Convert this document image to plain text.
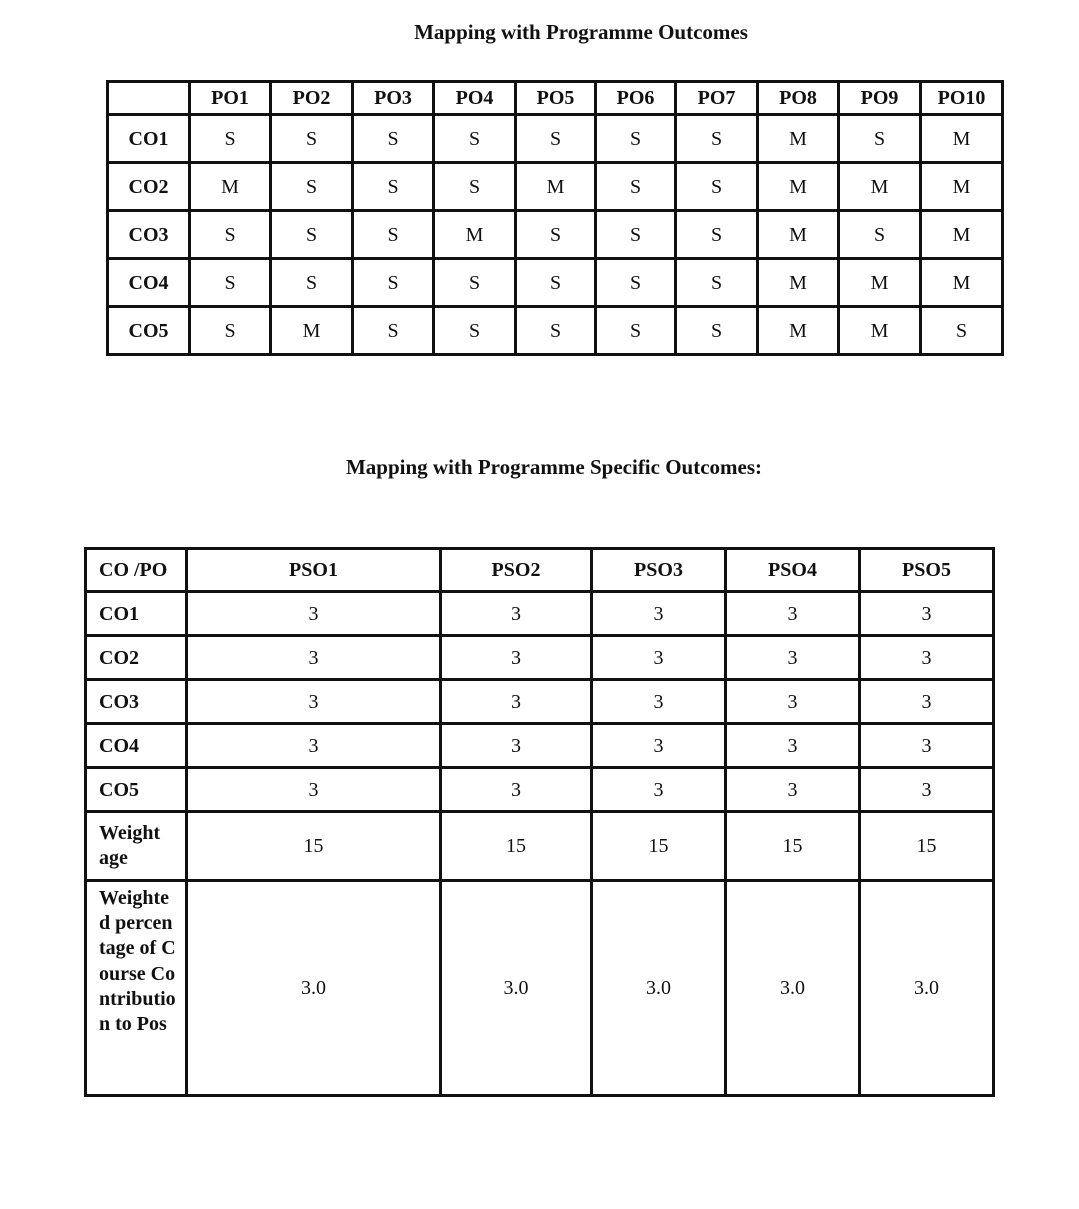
Mapping with Programme Outcomes
	PO1	PO2	PO3	PO4	PO5	PO6	PO7	PO8	PO9	PO10
CO1	S	S	S	S	S	S	S	M	S	M
CO2	M	S	S	S	M	S	S	M	M	M
CO3	S	S	S	M	S	S	S	M	S	M
CO4	S	S	S	S	S	S	S	M	M	M
CO5	S	M	S	S	S	S	S	M	M	S
Mapping with Programme Specific Outcomes:
CO /PO	PSO1	PSO2	PSO3	PSO4	PSO5
CO1	3	3	3	3	3
CO2	3	3	3	3	3
CO3	3	3	3	3	3
CO4	3	3	3	3	3
CO5	3	3	3	3	3

Weight age	15	15	15	15	15

Weighted percentage of Course Contribution to Pos	3.0	3.0	3.0	3.0	3.0
